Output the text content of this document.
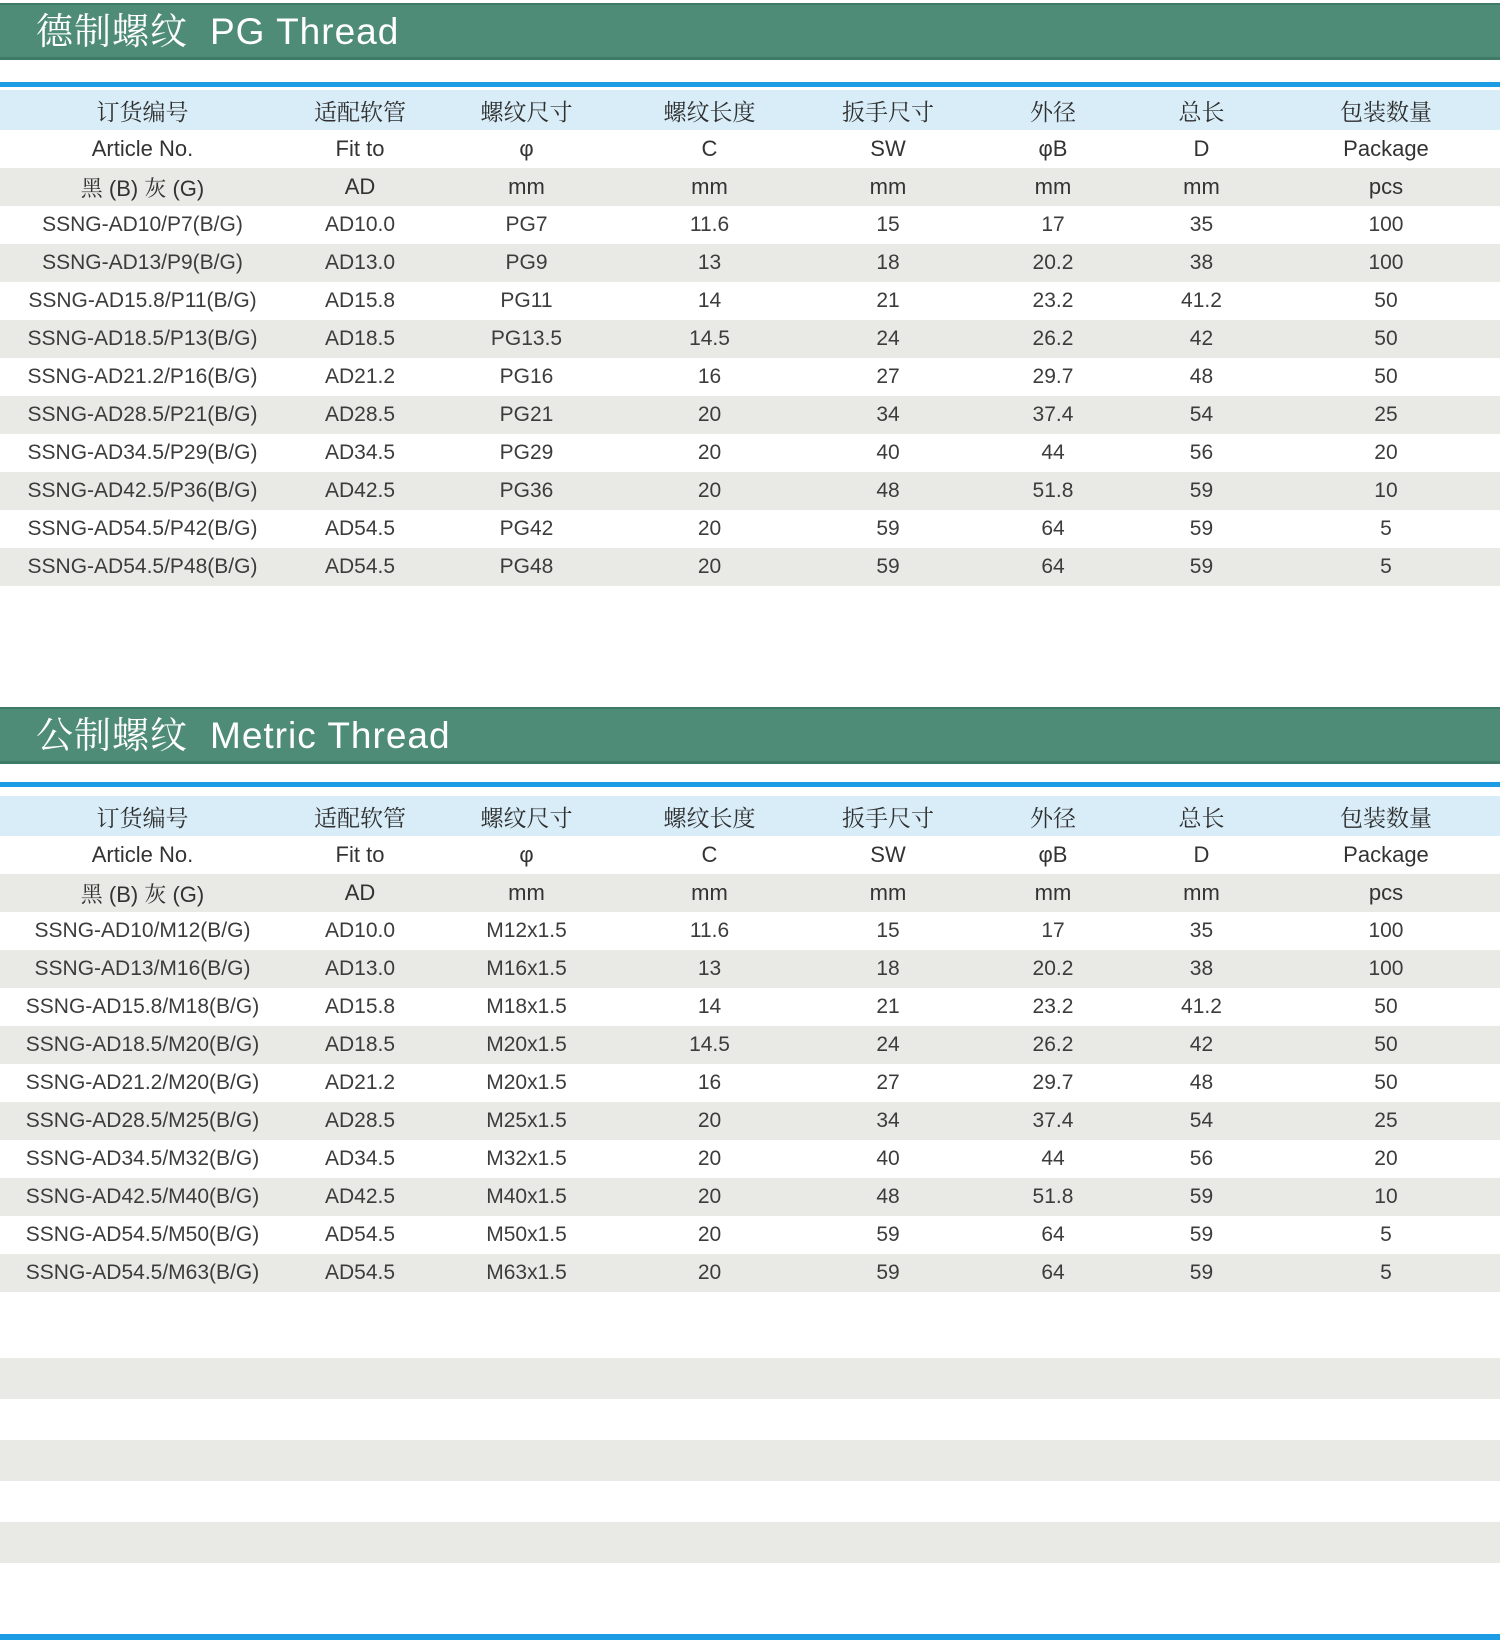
德制螺纹 PG Thread
订货编号	适配软管	螺纹尺寸	螺纹长度	扳手尺寸	外径	总长	包装数量
Article No.	Fit to	φ	C	SW	φB	D	Package
黑 (B) 灰 (G)	AD	mm	mm	mm	mm	mm	pcs
SSNG-AD10/P7(B/G)	AD10.0	PG7	11.6	15	17	35	100
SSNG-AD13/P9(B/G)	AD13.0	PG9	13	18	20.2	38	100
SSNG-AD15.8/P11(B/G)	AD15.8	PG11	14	21	23.2	41.2	50
SSNG-AD18.5/P13(B/G)	AD18.5	PG13.5	14.5	24	26.2	42	50
SSNG-AD21.2/P16(B/G)	AD21.2	PG16	16	27	29.7	48	50
SSNG-AD28.5/P21(B/G)	AD28.5	PG21	20	34	37.4	54	25
SSNG-AD34.5/P29(B/G)	AD34.5	PG29	20	40	44	56	20
SSNG-AD42.5/P36(B/G)	AD42.5	PG36	20	48	51.8	59	10
SSNG-AD54.5/P42(B/G)	AD54.5	PG42	20	59	64	59	5
SSNG-AD54.5/P48(B/G)	AD54.5	PG48	20	59	64	59	5
公制螺纹 Metric Thread
订货编号	适配软管	螺纹尺寸	螺纹长度	扳手尺寸	外径	总长	包装数量
Article No.	Fit to	φ	C	SW	φB	D	Package
黑 (B) 灰 (G)	AD	mm	mm	mm	mm	mm	pcs
SSNG-AD10/M12(B/G)	AD10.0	M12x1.5	11.6	15	17	35	100
SSNG-AD13/M16(B/G)	AD13.0	M16x1.5	13	18	20.2	38	100
SSNG-AD15.8/M18(B/G)	AD15.8	M18x1.5	14	21	23.2	41.2	50
SSNG-AD18.5/M20(B/G)	AD18.5	M20x1.5	14.5	24	26.2	42	50
SSNG-AD21.2/M20(B/G)	AD21.2	M20x1.5	16	27	29.7	48	50
SSNG-AD28.5/M25(B/G)	AD28.5	M25x1.5	20	34	37.4	54	25
SSNG-AD34.5/M32(B/G)	AD34.5	M32x1.5	20	40	44	56	20
SSNG-AD42.5/M40(B/G)	AD42.5	M40x1.5	20	48	51.8	59	10
SSNG-AD54.5/M50(B/G)	AD54.5	M50x1.5	20	59	64	59	5
SSNG-AD54.5/M63(B/G)	AD54.5	M63x1.5	20	59	64	59	5
